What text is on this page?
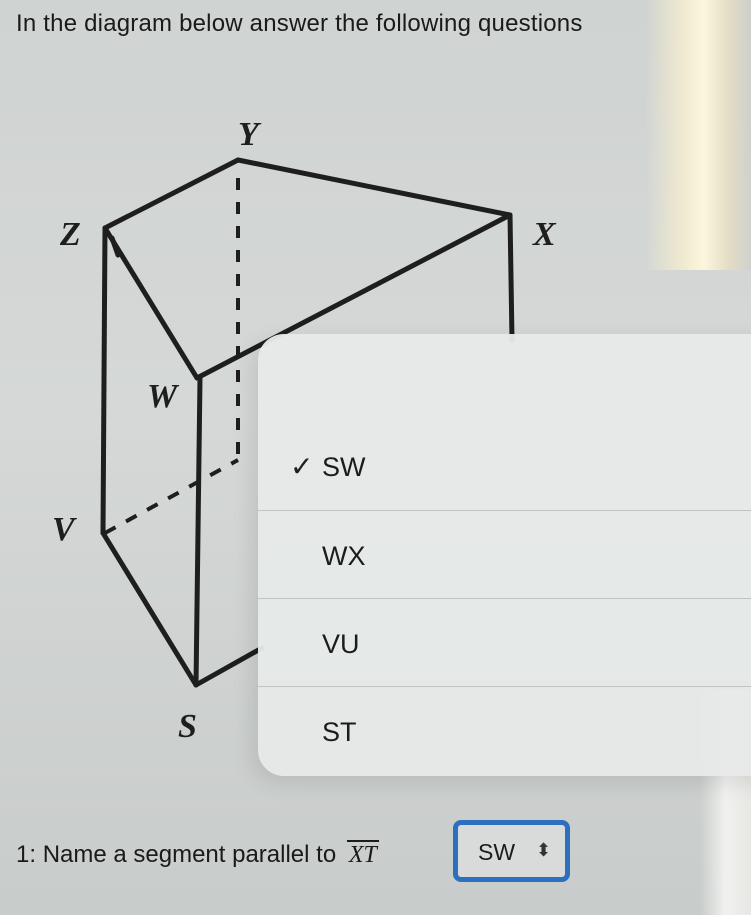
In the diagram below answer the following questions
Y
Z	X
W
V
S
✓ SW
WX
VU
ST
1: Name a segment parallel to XT	SW ⬍
